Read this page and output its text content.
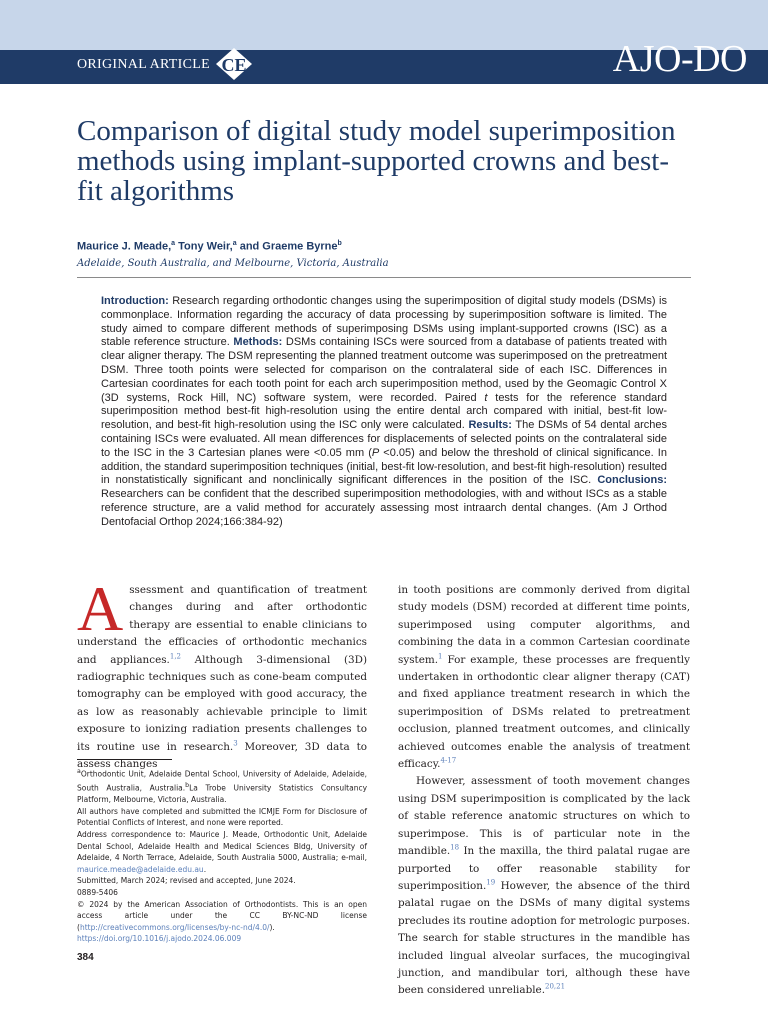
ORIGINAL ARTICLE CE	AJO-DO
Comparison of digital study model superimposition methods using implant-supported crowns and best-fit algorithms
Maurice J. Meade,$^a$ Tony Weir,$^a$ and Graeme Byrne$^b$
Adelaide, South Australia, and Melbourne, Victoria, Australia

Introduction: Research regarding orthodontic changes using the superimposition of digital study models (DSMs) is commonplace. Information regarding the accuracy of data processing by superimposition software is limited. The study aimed to compare different methods of superimposing DSMs using implant-supported crowns (ISC) as a stable reference structure. Methods: DSMs containing ISCs were sourced from a database of patients treated with clear aligner therapy. The DSM representing the planned treatment outcome was superimposed on the pretreatment DSM. Three tooth points were selected for comparison on the contralateral side of each ISC. Differences in Cartesian coordinates for each tooth point for each arch superimposition method, used by the Geomagic Control X (3D systems, Rock Hill, NC) software system, were recorded. Paired t tests for the reference standard superimposition method best-fit high-resolution using the entire dental arch compared with initial, best-fit low-resolution, and best-fit high-resolution using the ISC only were calculated. Results: The DSMs of 54 dental arches containing ISCs were evaluated. All mean differences for displacements of selected points on the contralateral side to the ISC in the 3 Cartesian planes were <0.05 mm (P <0.05) and below the threshold of clinical significance. In addition, the standard superimposition techniques (initial, best-fit low-resolution, and best-fit high-resolution) resulted in nonstatistically significant and nonclinically significant differences in the position of the ISC. Conclusions: Researchers can be confident that the described superimposition methodologies, with and without ISCs as a stable reference structure, are a valid method for accurately assessing most intraarch dental changes. (Am J Orthod Dentofacial Orthop 2024;166:384-92)

Assessment and quantification of treatment changes during and after orthodontic therapy are essential to enable clinicians to understand the efficacies of orthodontic mechanics and appliances.$^{1,2}$ Although 3-dimensional (3D) radiographic techniques such as cone-beam computed tomography can be employed with good accuracy, the as low as reasonably achievable principle to limit exposure to ionizing radiation presents challenges to its routine use in research.$^3$ Moreover, 3D data to assess changes

$^a$Orthodontic Unit, Adelaide Dental School, University of Adelaide, Adelaide, South Australia, Australia.$^b$La Trobe University Statistics Consultancy Platform, Melbourne, Victoria, Australia.

All authors have completed and submitted the ICMJE Form for Disclosure of Potential Conflicts of Interest, and none were reported.

Address correspondence to: Maurice J. Meade, Orthodontic Unit, Adelaide Dental School, Adelaide Health and Medical Sciences Bldg, University of Adelaide, 4 North Terrace, Adelaide, South Australia 5000, Australia; e-mail, maurice.meade@adelaide.edu.au.

Submitted, March 2024; revised and accepted, June 2024.

0889-5406

© 2024 by the American Association of Orthodontists. This is an open access article under the CC BY-NC-ND license (http://creativecommons.org/licenses/by-nc-nd/4.0/).

https://doi.org/10.1016/j.ajodo.2024.06.009

384

in tooth positions are commonly derived from digital study models (DSM) recorded at different time points, superimposed using computer algorithms, and combining the data in a common Cartesian coordinate system.$^1$ For example, these processes are frequently undertaken in orthodontic clear aligner therapy (CAT) and fixed appliance treatment research in which the superimposition of DSMs related to pretreatment occlusion, planned treatment outcomes, and clinically achieved outcomes enable the analysis of treatment efficacy.$^{4-17}$

However, assessment of tooth movement changes using DSM superimposition is complicated by the lack of stable reference anatomic structures on which to superimpose. This is of particular note in the mandible.$^{18}$ In the maxilla, the third palatal rugae are purported to offer reasonable stability for superimposition.$^{19}$ However, the absence of the third palatal rugae on the DSMs of many digital systems precludes its routine adoption for metrologic purposes. The search for stable structures in the mandible has included lingual alveolar surfaces, the mucogingival junction, and mandibular tori, although these have been considered unreliable.$^{20,21}$
